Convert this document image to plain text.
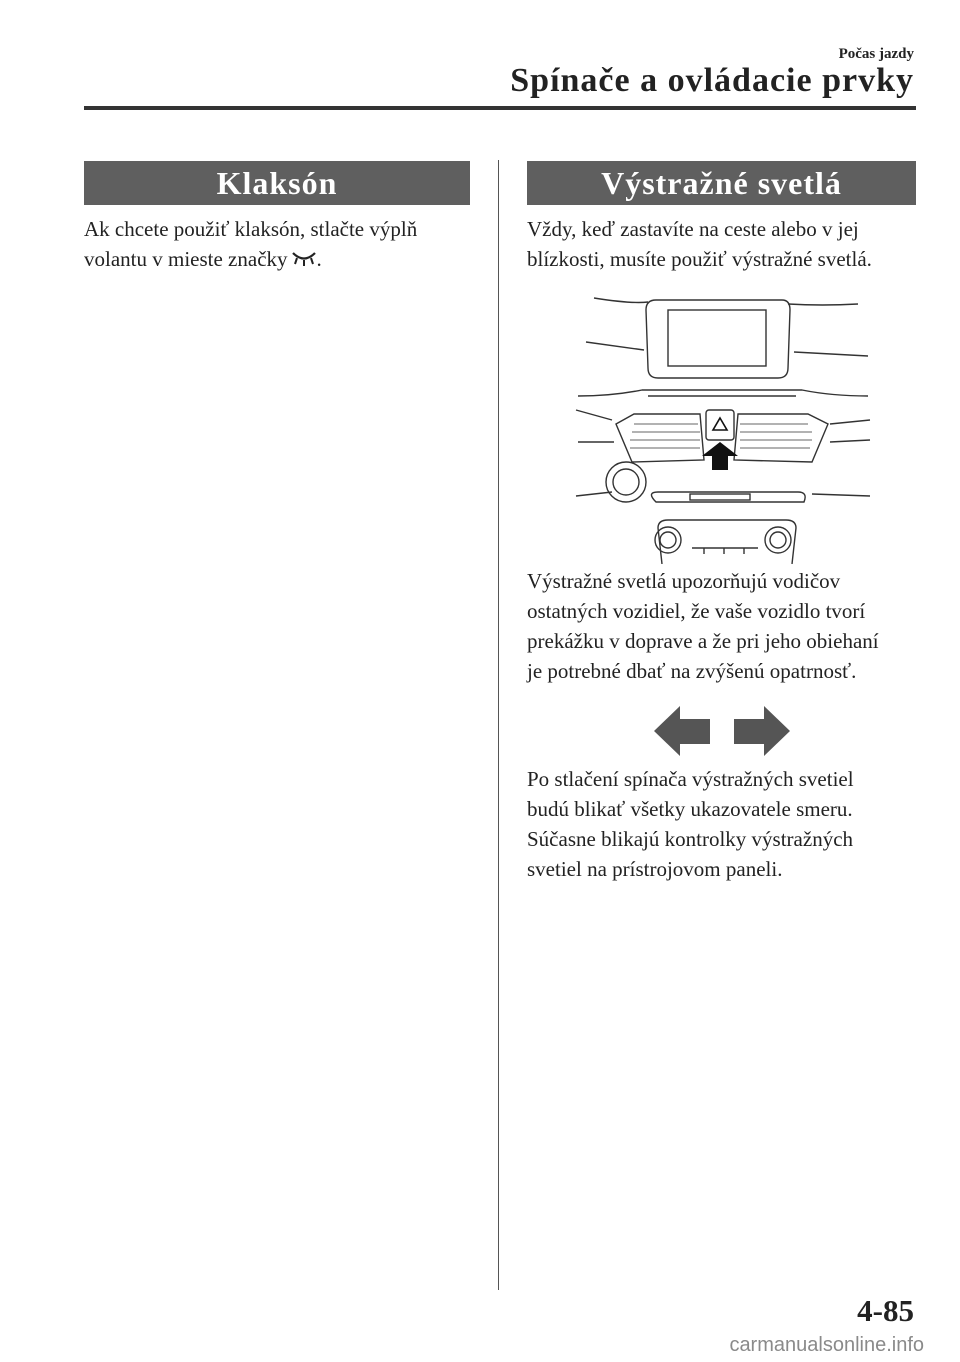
Počas jazdy
Spínače a ovládacie prvky
Klaksón

Ak chcete použiť klaksón, stlačte výplň

volantu v mieste značky .

Výstražné svetlá

Vždy, keď zastavíte na ceste alebo v jej

blízkosti, musíte použiť výstražné svetlá.

Výstražné svetlá upozorňujú vodičov

ostatných vozidiel, že vaše vozidlo tvorí

prekážku v doprave a že pri jeho obiehaní

je potrebné dbať na zvýšenú opatrnosť.

Po stlačení spínača výstražných svetiel

budú blikať všetky ukazovatele smeru.

Súčasne blikajú kontrolky výstražných

svetiel na prístrojovom paneli.

4-85
carmanualsonline.info
